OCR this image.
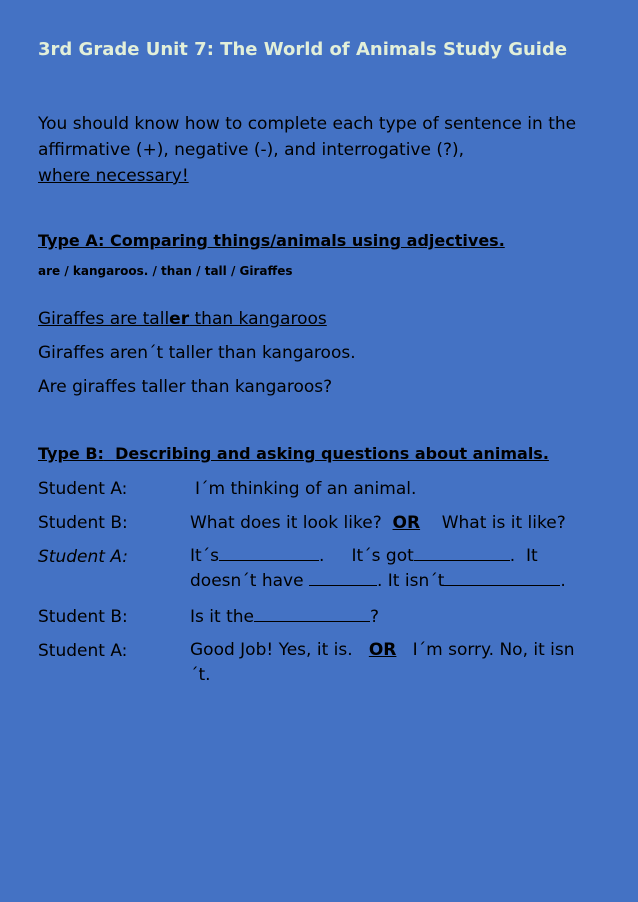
3rd Grade Unit 7: The World of Animals Study Guide
You should know how to complete each type of sentence in the affirmative (+), negative (-), and interrogative (?),
where necessary!
Type A: Comparing things/animals using adjectives.
are / kangaroos. / than / tall / Giraffes
Giraffes are taller than kangaroos
Giraffes aren´t taller than kangaroos.
Are giraffes taller than kangaroos?
Type B: Describing and asking questions about animals.
Student A:	I´m thinking of an animal.
Student B:	What does it look like? OR What is it like?
Student A:	It´s	.     It´s got	.  It
doesn´t have	. It isn´t	.
Student B:	Is it the	?
Student A:	Good Job! Yes, it is. OR I´m sorry. No, it isn´t.
